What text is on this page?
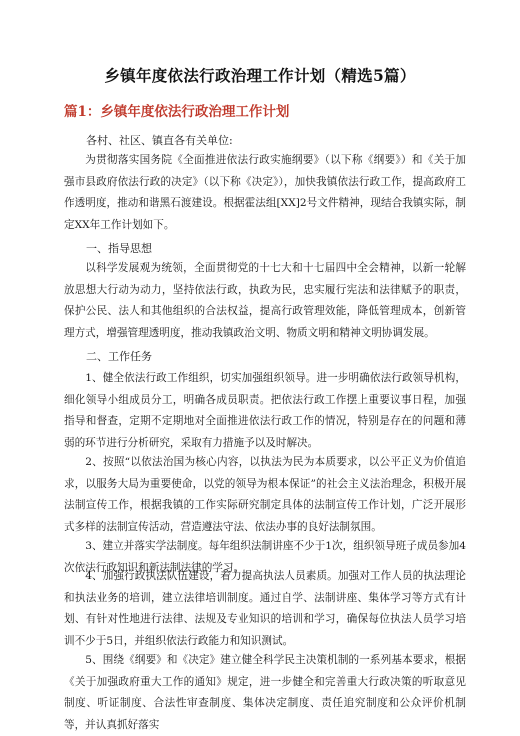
乡镇年度依法行政治理工作计划（精选5篇）
篇1：乡镇年度依法行政治理工作计划

各村、社区、镇直各有关单位:

为贯彻落实国务院《全面推进依法行政实施纲要》（以下称《纲要》）和《关于加强市县政府依法行政的决定》（以下称《决定》），加快我镇依法行政工作，提高政府工作透明度，推动和谐黑石渡建设。根据霍法组[XX]2号文件精神，现结合我镇实际，制定XX年工作计划如下。

一、指导思想

以科学发展观为统领，全面贯彻党的十七大和十七届四中全会精神，以新一轮解放思想大行动为动力，坚持依法行政，执政为民，忠实履行宪法和法律赋予的职责，保护公民、法人和其他组织的合法权益，提高行政管理效能，降低管理成本，创新管理方式，增强管理透明度，推动我镇政治文明、物质文明和精神文明协调发展。

二、工作任务

1、健全依法行政工作组织，切实加强组织领导。进一步明确依法行政领导机构，细化领导小组成员分工，明确各成员职责。把依法行政工作摆上重要议事日程，加强指导和督查，定期不定期地对全面推进依法行政工作的情况，特别是存在的问题和薄弱的环节进行分析研究，采取有力措施予以及时解决。

2、按照“以依法治国为核心内容，以执法为民为本质要求，以公平正义为价值追求，以服务大局为重要使命，以党的领导为根本保证”的社会主义法治理念，积极开展法制宣传工作，根据我镇的工作实际研究制定具体的法制宣传工作计划，广泛开展形式多样的法制宣传活动，营造遵法守法、依法办事的良好法制氛围。

3、建立并落实学法制度。每年组织法制讲座不少于1次，组织领导班子成员参加4次依法行政知识和新法制法律的学习。

4、加强行政执法队伍建设，着力提高执法人员素质。加强对工作人员的执法理论和执法业务的培训，建立法律培训制度。通过自学、法制讲座、集体学习等方式有计划、有针对性地进行法律、法规及专业知识的培训和学习，确保每位执法人员学习培训不少于5日，并组织依法行政能力和知识测试。

5、围绕《纲要》和《决定》建立健全科学民主决策机制的一系列基本要求，根据《关于加强政府重大工作的通知》规定，进一步健全和完善重大行政决策的听取意见制度、听证制度、合法性审查制度、集体决定制度、责任追究制度和公众评价机制等，并认真抓好落实
